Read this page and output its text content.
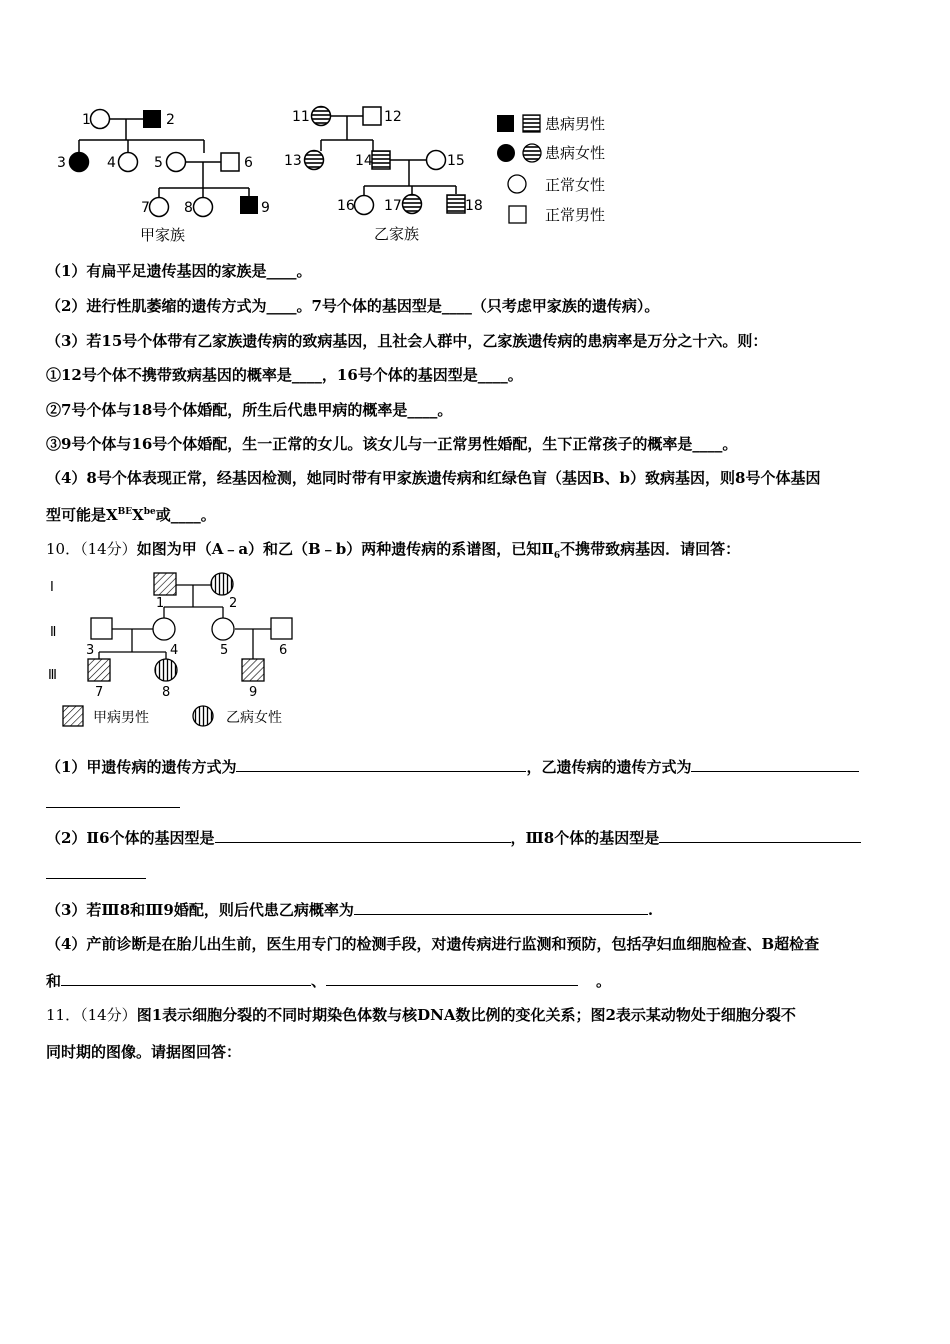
1	2
3	4	5	6
7 8	9
11	12
13	14	15
16 17	18
甲家族	乙家族
患病男性
患病女性
正常女性
正常男性
（1）有扁平足遗传基因的家族是____。
（2）进行性肌萎缩的遗传方式为____。7号个体的基因型是____（只考虑甲家族的遗传病）。
（3）若15号个体带有乙家族遗传病的致病基因，且社会人群中，乙家族遗传病的患病率是万分之十六。则：
①12号个体不携带致病基因的概率是____，16号个体的基因型是____。
②7号个体与18号个体婚配，所生后代患甲病的概率是____。
③9号个体与16号个体婚配，生一正常的女儿。该女儿与一正常男性婚配，生下正常孩子的概率是____。
（4）8号个体表现正常，经基因检测，她同时带有甲家族遗传病和红绿色盲（基因B、b）致病基因，则8号个体基因
型可能是$X^{BE}X^{be}$或____。
10．（14分）如图为甲（A﹣a）和乙（B﹣b）两种遗传病的系谱图，已知$Ⅱ_6$不携带致病基因．请回答：
Ⅰ
Ⅱ
Ⅲ
1	2
3	4	5	6
7	8	9
甲病男性	乙病女性
（1）甲遗传病的遗传方式为	，乙遗传病的遗传方式为
（2）Ⅱ6个体的基因型是	，Ⅲ8个体的基因型是
（3）若Ⅲ8和Ⅲ9婚配，则后代患乙病概率为	.
（4）产前诊断是在胎儿出生前，医生用专门的检测手段，对遗传病进行监测和预防，包括孕妇血细胞检查、B超检查
和	、	。
11．（14分）图1表示细胞分裂的不同时期染色体数与核DNA数比例的变化关系；图2表示某动物处于细胞分裂不
同时期的图像。请据图回答：
